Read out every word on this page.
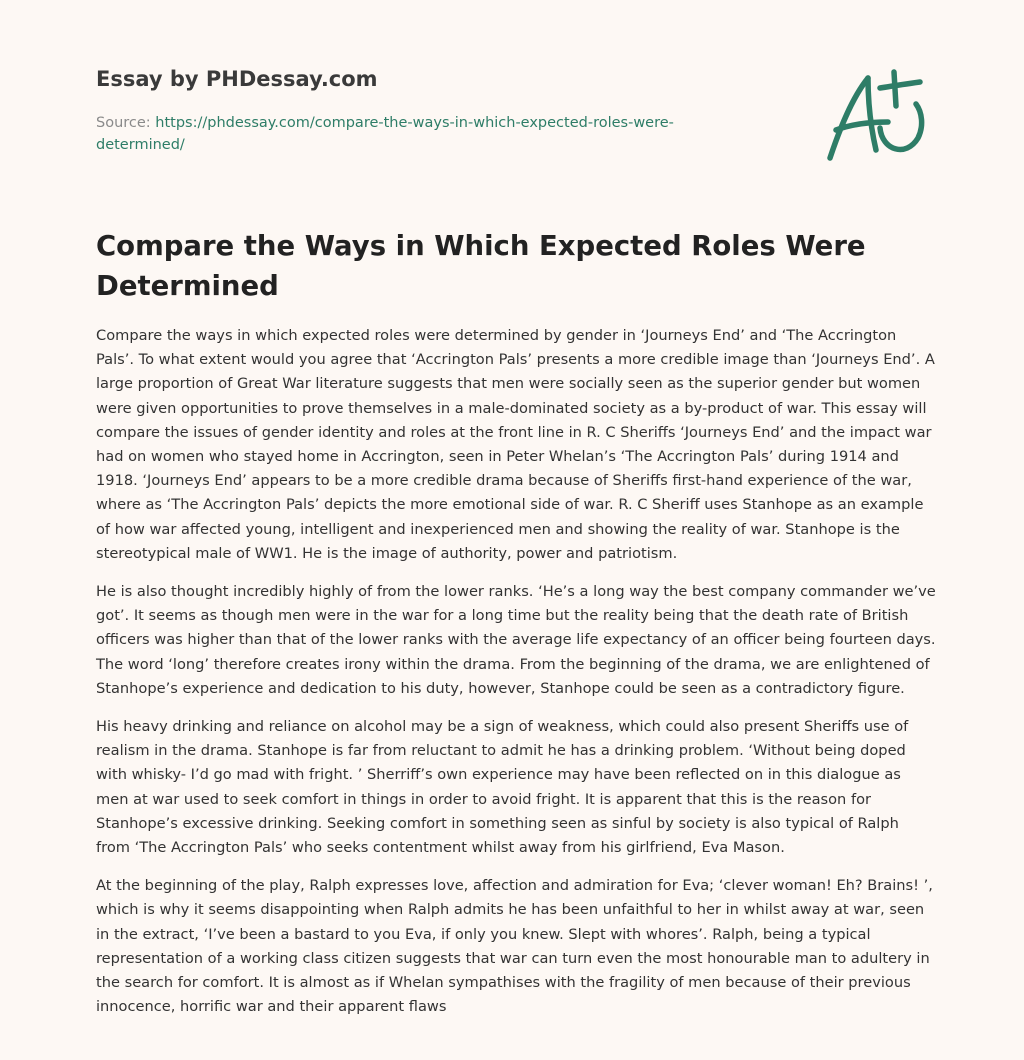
Essay by PHDessay.com
Source: https://phdessay.com/compare-the-ways-in-which-expected-roles-were-determined/
Compare the Ways in Which Expected Roles Were Determined

Compare the ways in which expected roles were determined by gender in ‘Journeys End’ and ‘The Accrington Pals’. To what extent would you agree that ‘Accrington Pals’ presents a more credible image than ‘Journeys End’. A large proportion of Great War literature suggests that men were socially seen as the superior gender but women were given opportunities to prove themselves in a male-dominated society as a by-product of war. This essay will compare the issues of gender identity and roles at the front line in R. C Sheriffs ‘Journeys End’ and the impact war had on women who stayed home in Accrington, seen in Peter Whelan’s ‘The Accrington Pals’ during 1914 and 1918. ‘Journeys End’ appears to be a more credible drama because of Sheriffs first-hand experience of the war, where as ‘The Accrington Pals’ depicts the more emotional side of war. R. C Sheriff uses Stanhope as an example of how war affected young, intelligent and inexperienced men and showing the reality of war. Stanhope is the stereotypical male of WW1. He is the image of authority, power and patriotism.

He is also thought incredibly highly of from the lower ranks. ‘He’s a long way the best company commander we’ve got’. It seems as though men were in the war for a long time but the reality being that the death rate of British officers was higher than that of the lower ranks with the average life expectancy of an officer being fourteen days. The word ‘long’ therefore creates irony within the drama. From the beginning of the drama, we are enlightened of Stanhope’s experience and dedication to his duty, however, Stanhope could be seen as a contradictory figure.

His heavy drinking and reliance on alcohol may be a sign of weakness, which could also present Sheriffs use of realism in the drama. Stanhope is far from reluctant to admit he has a drinking problem. ‘Without being doped with whisky- I’d go mad with fright. ’ Sherriff’s own experience may have been reflected on in this dialogue as men at war used to seek comfort in things in order to avoid fright. It is apparent that this is the reason for Stanhope’s excessive drinking. Seeking comfort in something seen as sinful by society is also typical of Ralph from ‘The Accrington Pals’ who seeks contentment whilst away from his girlfriend, Eva Mason.

At the beginning of the play, Ralph expresses love, affection and admiration for Eva; ‘clever woman! Eh? Brains! ’, which is why it seems disappointing when Ralph admits he has been unfaithful to her in whilst away at war, seen in the extract, ‘I’ve been a bastard to you Eva, if only you knew. Slept with whores’. Ralph, being a typical representation of a working class citizen suggests that war can turn even the most honourable man to adultery in the search for comfort. It is almost as if Whelan sympathises with the fragility of men because of their previous innocence, horrific war and their apparent flaws
